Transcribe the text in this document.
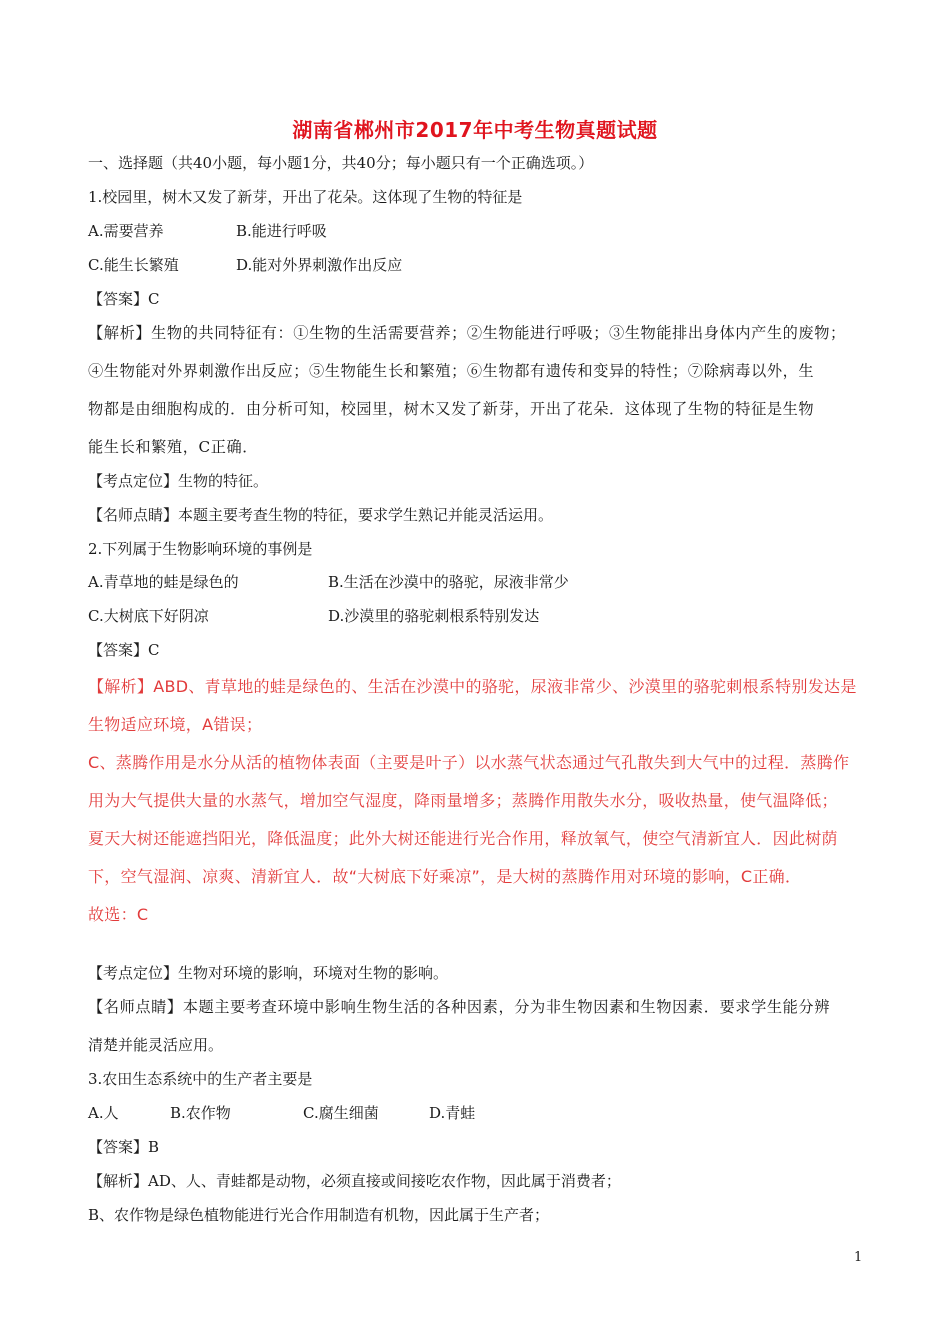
湖南省郴州市2017年中考生物真题试题
一、选择题（共40小题，每小题1分，共40分；每小题只有一个正确选项。）
1.校园里，树木又发了新芽，开出了花朵。这体现了生物的特征是
A.需要营养	B.能进行呼吸
C.能生长繁殖	D.能对外界刺激作出反应
【答案】C
【解析】生物的共同特征有：①生物的生活需要营养；②生物能进行呼吸；③生物能排出身体内产生的废物；
④生物能对外界刺激作出反应；⑤生物能生长和繁殖；⑥生物都有遗传和变异的特性；⑦除病毒以外，生
物都是由细胞构成的．由分析可知，校园里，树木又发了新芽，开出了花朵．这体现了生物的特征是生物
能生长和繁殖，C正确．
【考点定位】生物的特征。
【名师点睛】本题主要考查生物的特征，要求学生熟记并能灵活运用。
2.下列属于生物影响环境的事例是
A.青草地的蛙是绿色的	B.生活在沙漠中的骆驼，尿液非常少
C.大树底下好阴凉	D.沙漠里的骆驼刺根系特别发达
【答案】C
【解析】ABD、青草地的蛙是绿色的、生活在沙漠中的骆驼，尿液非常少、沙漠里的骆驼刺根系特别发达是
生物适应环境，A错误；
C、蒸腾作用是水分从活的植物体表面（主要是叶子）以水蒸气状态通过气孔散失到大气中的过程．蒸腾作
用为大气提供大量的水蒸气，增加空气湿度，降雨量增多；蒸腾作用散失水分，吸收热量，使气温降低；
夏天大树还能遮挡阳光，降低温度；此外大树还能进行光合作用，释放氧气，使空气清新宜人．因此树荫
下，空气湿润、凉爽、清新宜人．故“大树底下好乘凉”，是大树的蒸腾作用对环境的影响，C正确．
故选：C
【考点定位】生物对环境的影响，环境对生物的影响。
【名师点睛】本题主要考查环境中影响生物生活的各种因素，分为非生物因素和生物因素．要求学生能分辨
清楚并能灵活应用。
3.农田生态系统中的生产者主要是
A.人	B.农作物	C.腐生细菌	D.青蛙
【答案】B
【解析】AD、人、青蛙都是动物，必须直接或间接吃农作物，因此属于消费者；
B、农作物是绿色植物能进行光合作用制造有机物，因此属于生产者；
1
